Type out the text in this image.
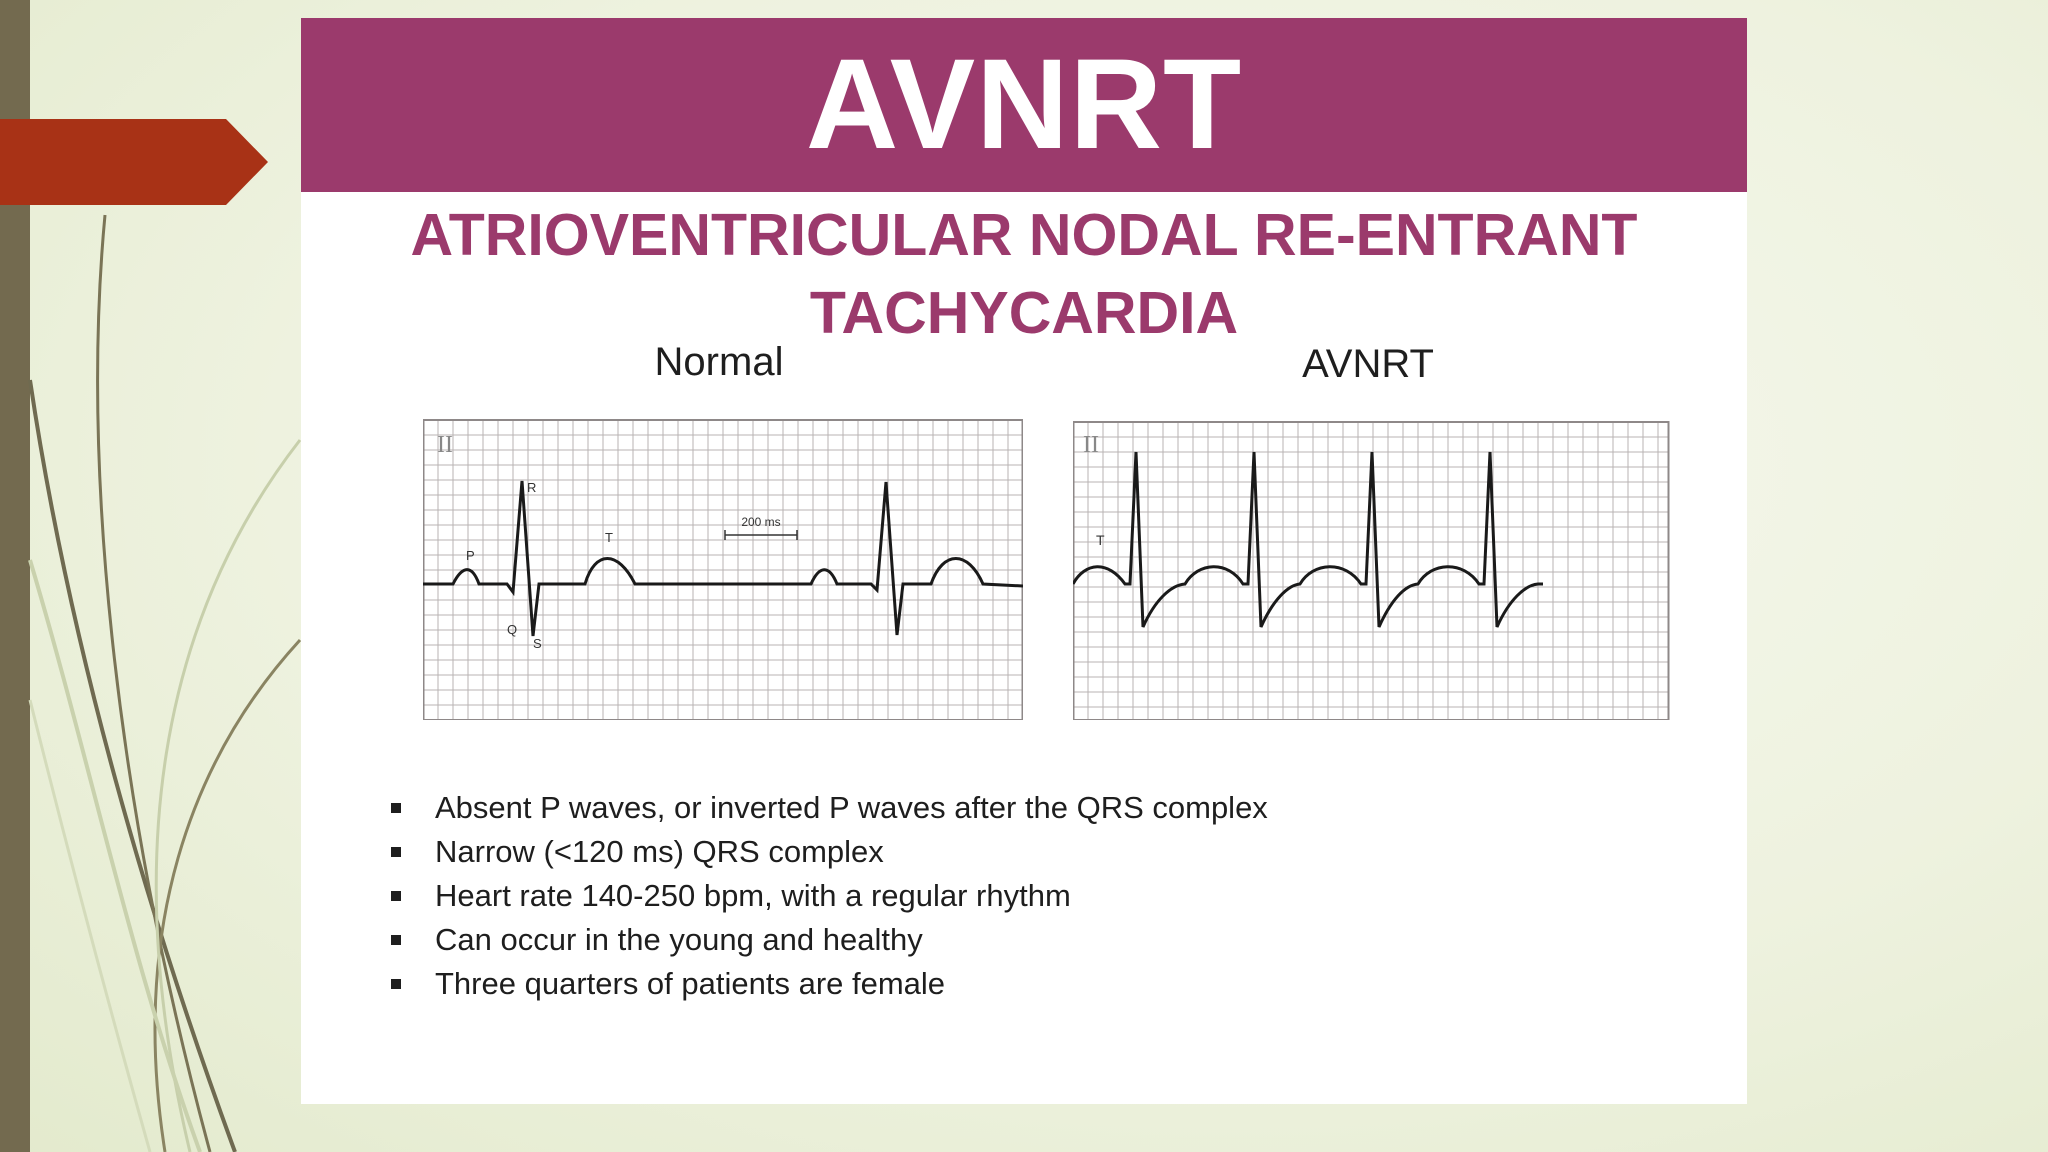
AVNRT
ATRIOVENTRICULAR NODAL RE-ENTRANT
TACHYCARDIA
Normal	AVNRT
II
P
Q
R
S
T
200 ms
II
T
Absent P waves, or inverted P waves after the QRS complex
Narrow (<120 ms) QRS complex
Heart rate 140-250 bpm, with a regular rhythm
Can occur in the young and healthy
Three quarters of patients are female
